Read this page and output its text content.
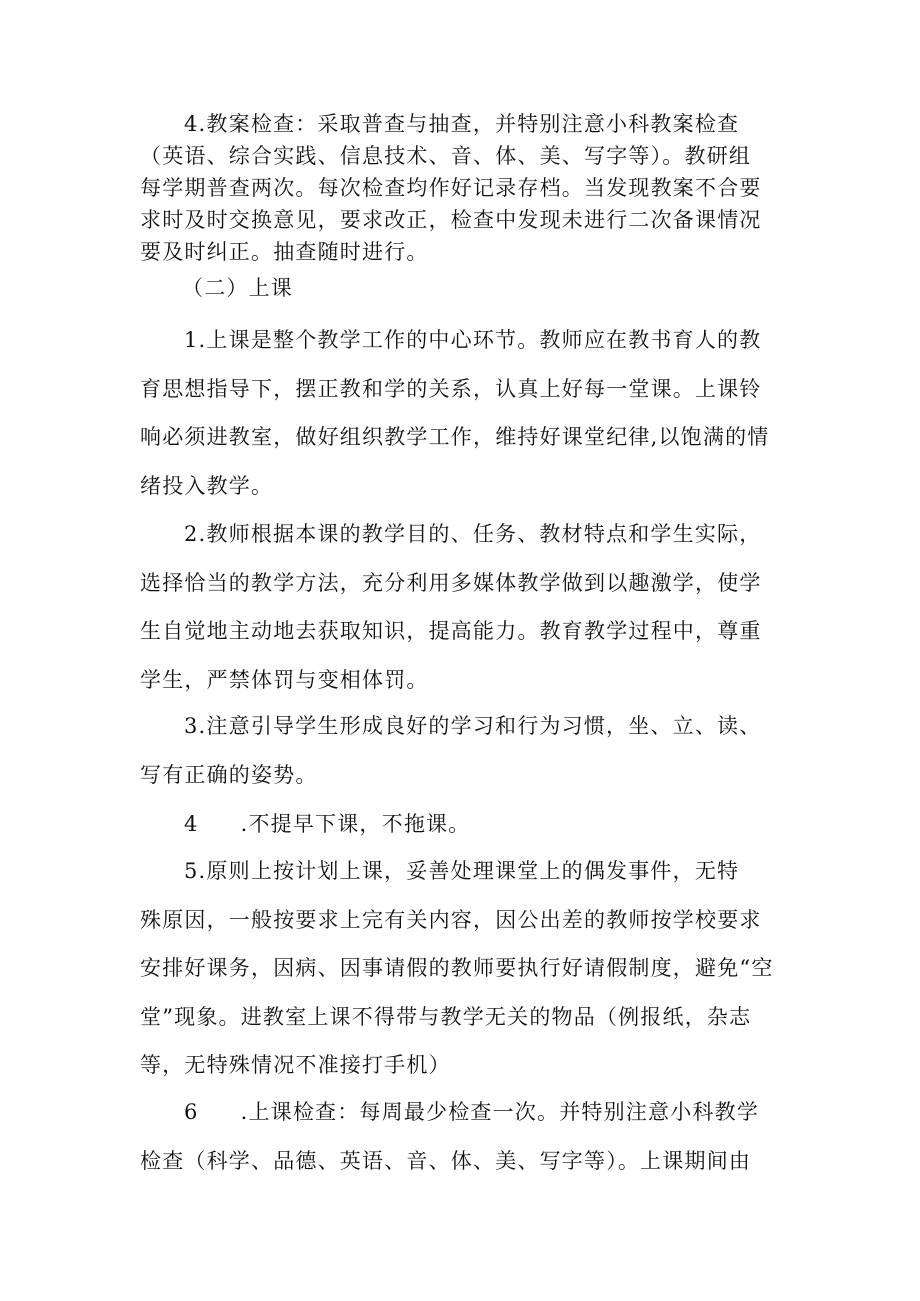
4.教案检查：采取普查与抽查，并特别注意小科教案检查
（英语、综合实践、信息技术、音、体、美、写字等）。教研组
每学期普查两次。每次检查均作好记录存档。当发现教案不合要
求时及时交换意见，要求改正，检查中发现未进行二次备课情况
要及时纠正。抽查随时进行。
（二）上课
1.上课是整个教学工作的中心环节。教师应在教书育人的教
育思想指导下，摆正教和学的关系，认真上好每一堂课。上课铃
响必须进教室，做好组织教学工作，维持好课堂纪律,以饱满的情
绪投入教学。
2.教师根据本课的教学目的、任务、教材特点和学生实际，
选择恰当的教学方法，充分利用多媒体教学做到以趣激学，使学
生自觉地主动地去获取知识，提高能力。教育教学过程中，尊重
学生，严禁体罚与变相体罚。
3.注意引导学生形成良好的学习和行为习惯，坐、立、读、
写有正确的姿势。
4 .不提早下课，不拖课。
5.原则上按计划上课，妥善处理课堂上的偶发事件，无特
殊原因，一般按要求上完有关内容，因公出差的教师按学校要求
安排好课务，因病、因事请假的教师要执行好请假制度，避免“空
堂”现象。进教室上课不得带与教学无关的物品（例报纸，杂志
等，无特殊情况不准接打手机）
6 .上课检查：每周最少检查一次。并特别注意小科教学
检查（科学、品德、英语、音、体、美、写字等）。上课期间由
